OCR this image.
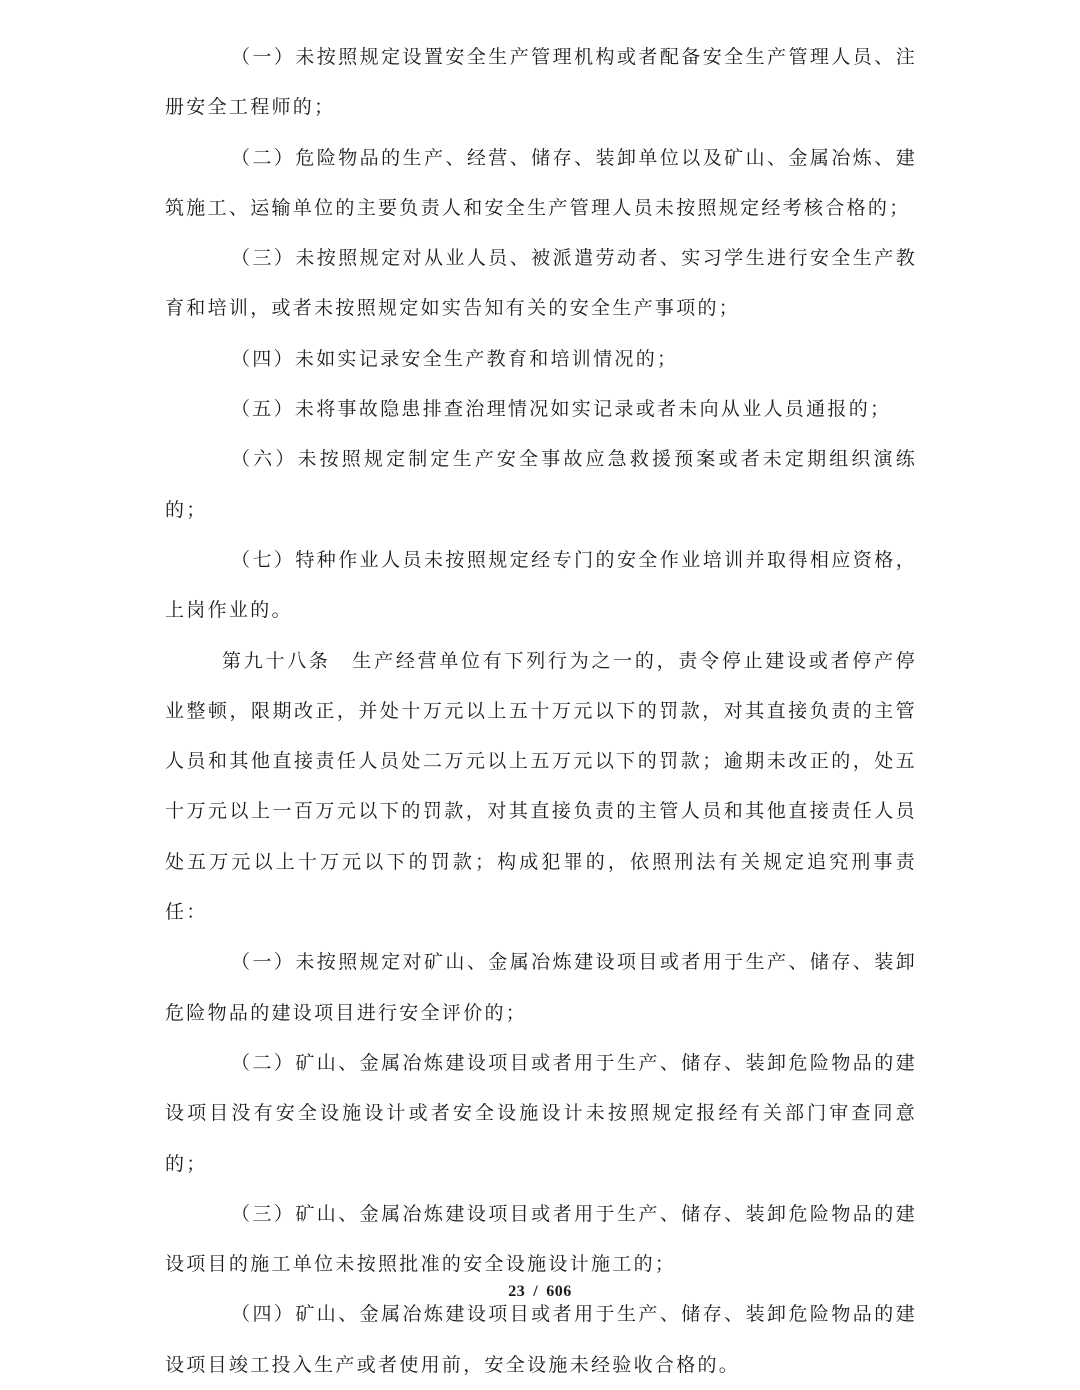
（一）未按照规定设置安全生产管理机构或者配备安全生产管理人员、注册安全工程师的；

（二）危险物品的生产、经营、储存、装卸单位以及矿山、金属冶炼、建筑施工、运输单位的主要负责人和安全生产管理人员未按照规定经考核合格的；

（三）未按照规定对从业人员、被派遣劳动者、实习学生进行安全生产教育和培训，或者未按照规定如实告知有关的安全生产事项的；

（四）未如实记录安全生产教育和培训情况的；

（五）未将事故隐患排查治理情况如实记录或者未向从业人员通报的；

（六）未按照规定制定生产安全事故应急救援预案或者未定期组织演练的；

（七）特种作业人员未按照规定经专门的安全作业培训并取得相应资格，上岗作业的。

第九十八条　生产经营单位有下列行为之一的，责令停止建设或者停产停业整顿，限期改正，并处十万元以上五十万元以下的罚款，对其直接负责的主管人员和其他直接责任人员处二万元以上五万元以下的罚款；逾期未改正的，处五十万元以上一百万元以下的罚款，对其直接负责的主管人员和其他直接责任人员处五万元以上十万元以下的罚款；构成犯罪的，依照刑法有关规定追究刑事责任：

（一）未按照规定对矿山、金属冶炼建设项目或者用于生产、储存、装卸危险物品的建设项目进行安全评价的；

（二）矿山、金属冶炼建设项目或者用于生产、储存、装卸危险物品的建设项目没有安全设施设计或者安全设施设计未按照规定报经有关部门审查同意的；

（三）矿山、金属冶炼建设项目或者用于生产、储存、装卸危险物品的建设项目的施工单位未按照批准的安全设施设计施工的；

（四）矿山、金属冶炼建设项目或者用于生产、储存、装卸危险物品的建设项目竣工投入生产或者使用前，安全设施未经验收合格的。

23 / 606
